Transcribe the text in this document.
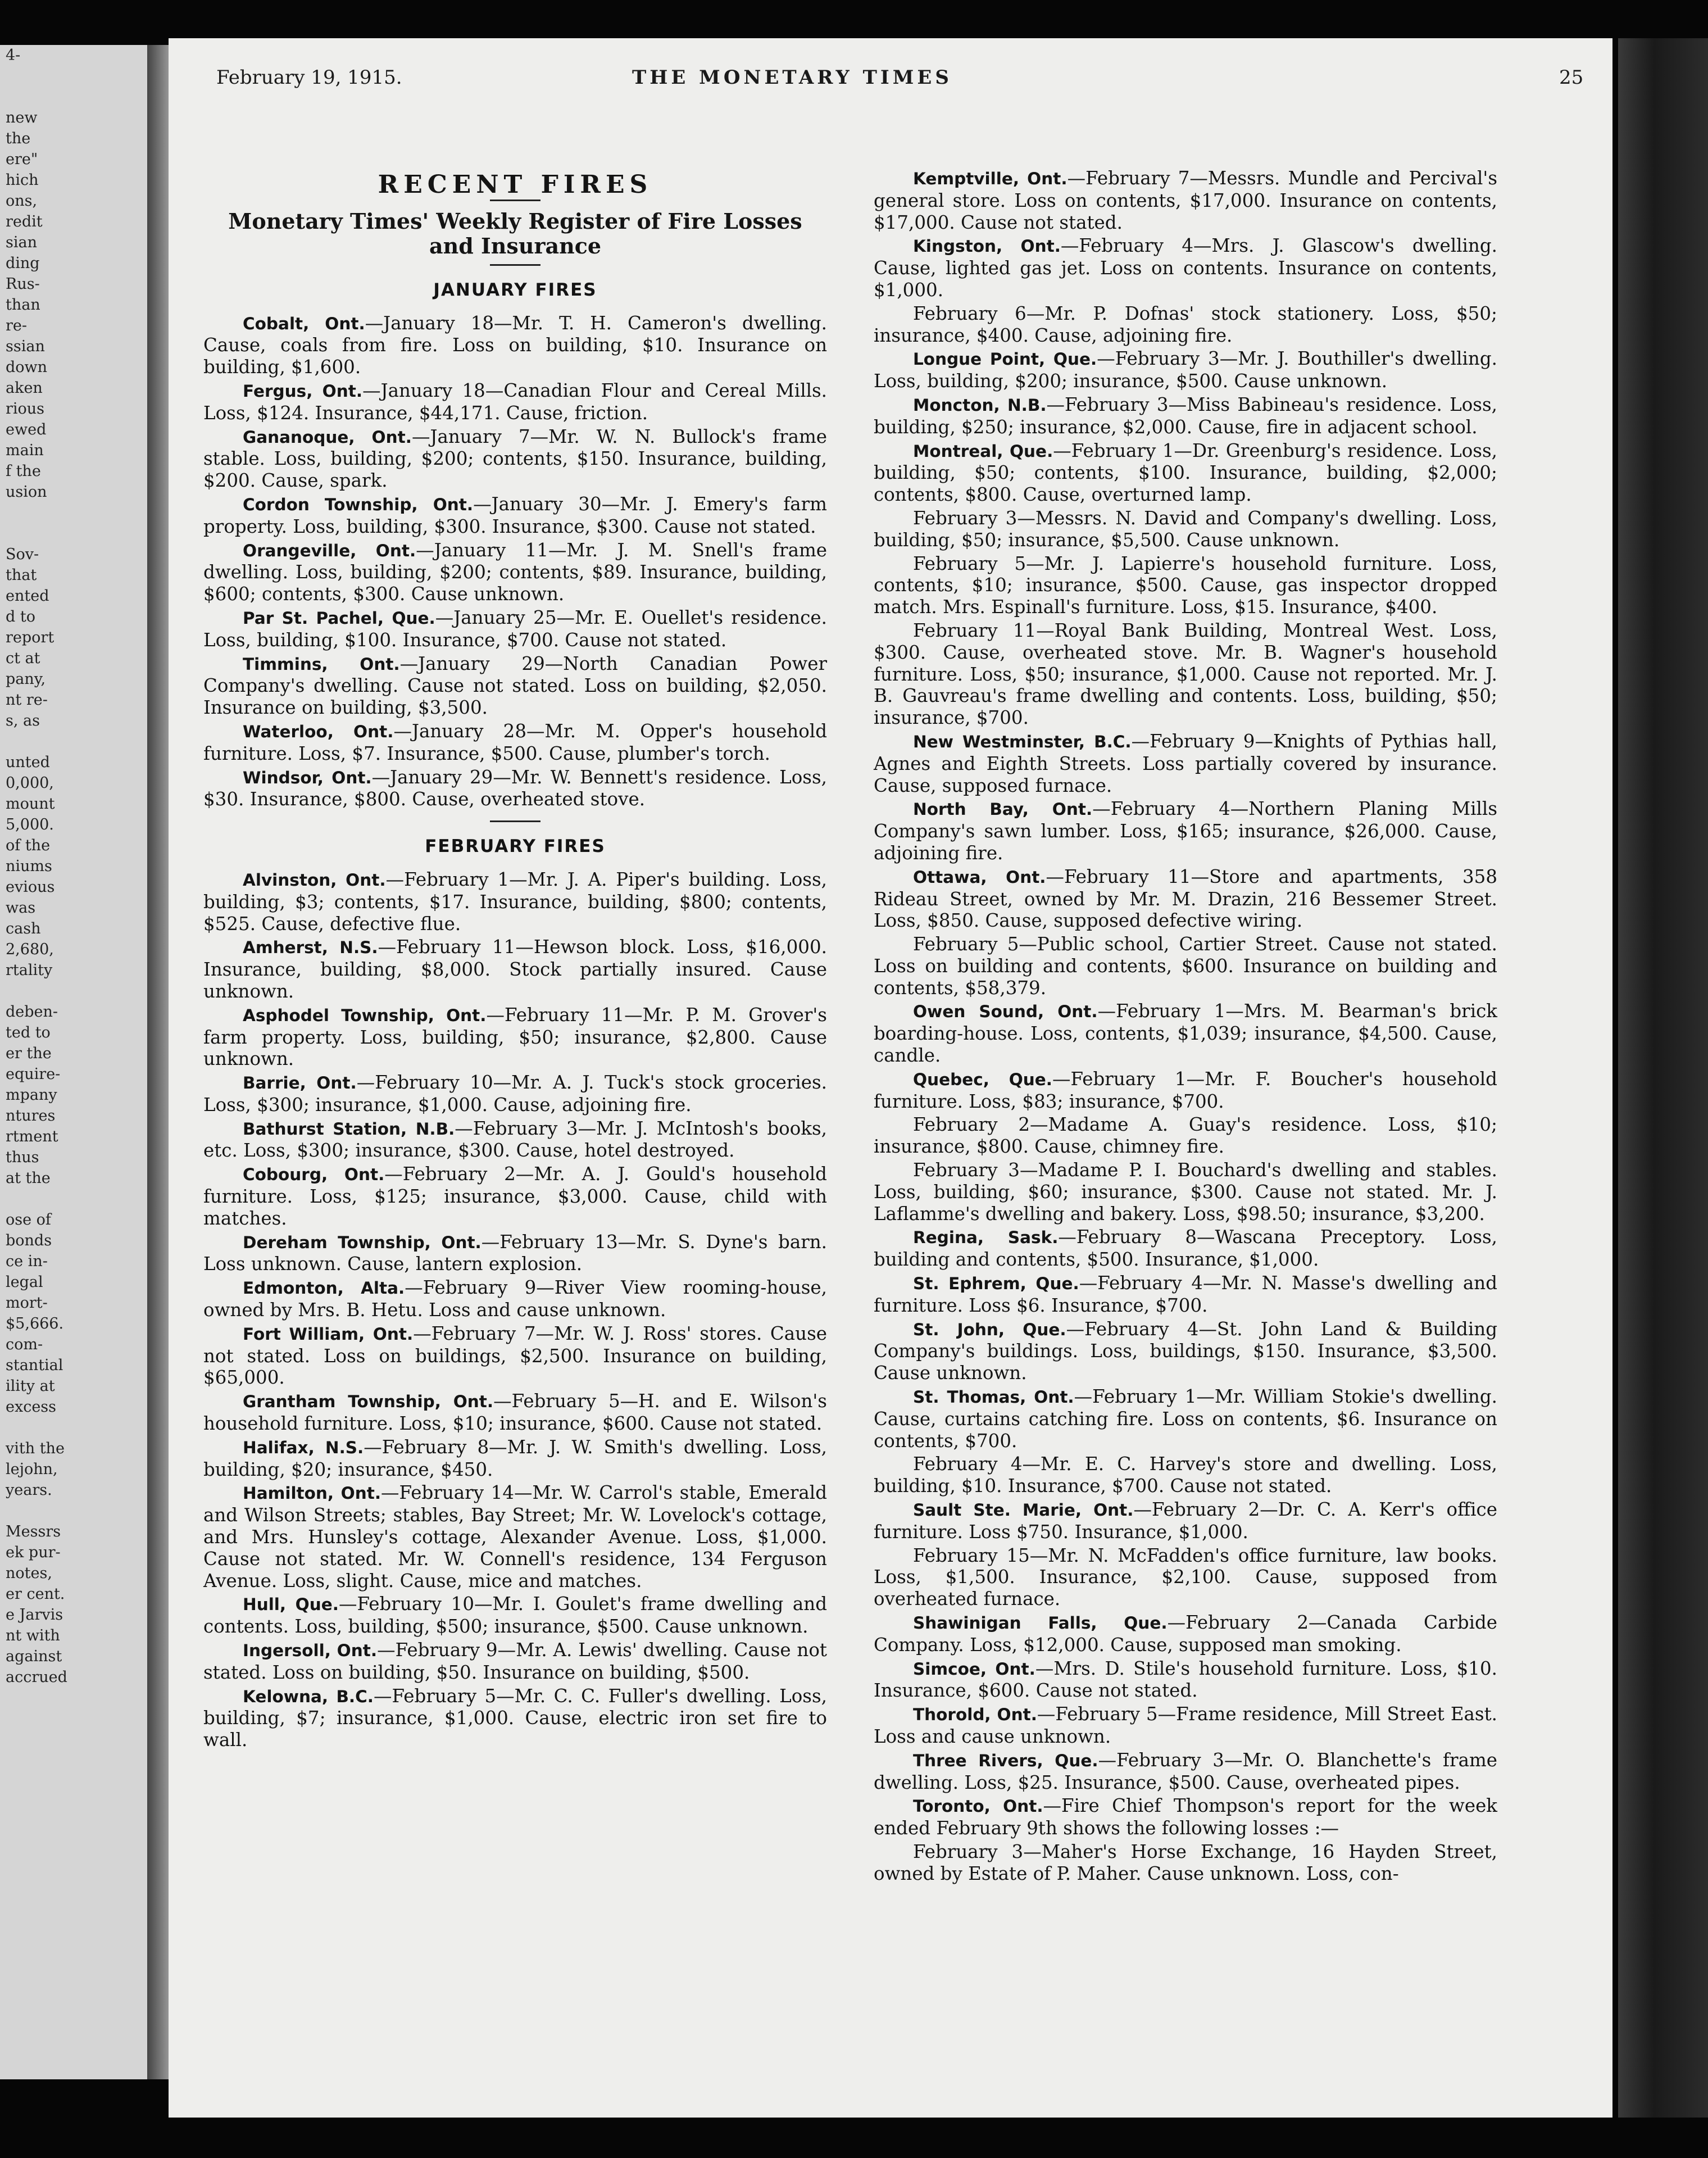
4-

new
the
ere"
hich
ons,
redit
sian
ding
Rus-
than
re-
ssian
down
aken
rious
ewed
main
f the
usion

Sov-
that
ented
d to
report
ct at
pany,
nt re-
s, as

unted
0,000,
mount
5,000.
of the
niums
evious
was
cash
2,680,
rtality

deben-
ted to
er the
equire-
mpany
ntures
rtment
thus
at the

ose of
bonds
ce in-
legal
mort-
$5,666.
com-
stantial
ility at
excess

vith the
lejohn,
years.

Messrs
ek pur-
notes,
er cent.
e Jarvis
nt with
against
accrued
February 19, 1915.	THE MONETARY TIMES	25
RECENT FIRES
Monetary Times' Weekly Register of Fire Losses and Insurance
JANUARY FIRES
Cobalt, Ont.—January 18—Mr. T. H. Cameron's dwelling. Cause, coals from fire. Loss on building, $10. Insurance on building, $1,600.
Fergus, Ont.—January 18—Canadian Flour and Cereal Mills. Loss, $124. Insurance, $44,171. Cause, friction.
Gananoque, Ont.—January 7—Mr. W. N. Bullock's frame stable. Loss, building, $200; contents, $150. Insurance, building, $200. Cause, spark.
Cordon Township, Ont.—January 30—Mr. J. Emery's farm property. Loss, building, $300. Insurance, $300. Cause not stated.
Orangeville, Ont.—January 11—Mr. J. M. Snell's frame dwelling. Loss, building, $200; contents, $89. Insurance, building, $600; contents, $300. Cause unknown.
Par St. Pachel, Que.—January 25—Mr. E. Ouellet's residence. Loss, building, $100. Insurance, $700. Cause not stated.
Timmins, Ont.—January 29—North Canadian Power Company's dwelling. Cause not stated. Loss on building, $2,050. Insurance on building, $3,500.
Waterloo, Ont.—January 28—Mr. M. Opper's household furniture. Loss, $7. Insurance, $500. Cause, plumber's torch.
Windsor, Ont.—January 29—Mr. W. Bennett's residence. Loss, $30. Insurance, $800. Cause, overheated stove.
FEBRUARY FIRES
Alvinston, Ont.—February 1—Mr. J. A. Piper's building. Loss, building, $3; contents, $17. Insurance, building, $800; contents, $525. Cause, defective flue.
Amherst, N.S.—February 11—Hewson block. Loss, $16,000. Insurance, building, $8,000. Stock partially insured. Cause unknown.
Asphodel Township, Ont.—February 11—Mr. P. M. Grover's farm property. Loss, building, $50; insurance, $2,800. Cause unknown.
Barrie, Ont.—February 10—Mr. A. J. Tuck's stock groceries. Loss, $300; insurance, $1,000. Cause, adjoining fire.
Bathurst Station, N.B.—February 3—Mr. J. McIntosh's books, etc. Loss, $300; insurance, $300. Cause, hotel destroyed.
Cobourg, Ont.—February 2—Mr. A. J. Gould's household furniture. Loss, $125; insurance, $3,000. Cause, child with matches.
Dereham Township, Ont.—February 13—Mr. S. Dyne's barn. Loss unknown. Cause, lantern explosion.
Edmonton, Alta.—February 9—River View rooming-house, owned by Mrs. B. Hetu. Loss and cause unknown.
Fort William, Ont.—February 7—Mr. W. J. Ross' stores. Cause not stated. Loss on buildings, $2,500. Insurance on building, $65,000.
Grantham Township, Ont.—February 5—H. and E. Wilson's household furniture. Loss, $10; insurance, $600. Cause not stated.
Halifax, N.S.—February 8—Mr. J. W. Smith's dwelling. Loss, building, $20; insurance, $450.
Hamilton, Ont.—February 14—Mr. W. Carrol's stable, Emerald and Wilson Streets; stables, Bay Street; Mr. W. Lovelock's cottage, and Mrs. Hunsley's cottage, Alexander Avenue. Loss, $1,000. Cause not stated. Mr. W. Connell's residence, 134 Ferguson Avenue. Loss, slight. Cause, mice and matches.
Hull, Que.—February 10—Mr. I. Goulet's frame dwelling and contents. Loss, building, $500; insurance, $500. Cause unknown.
Ingersoll, Ont.—February 9—Mr. A. Lewis' dwelling. Cause not stated. Loss on building, $50. Insurance on building, $500.
Kelowna, B.C.—February 5—Mr. C. C. Fuller's dwelling. Loss, building, $7; insurance, $1,000. Cause, electric iron set fire to wall.
Kemptville, Ont.—February 7—Messrs. Mundle and Percival's general store. Loss on contents, $17,000. Insurance on contents, $17,000. Cause not stated.
Kingston, Ont.—February 4—Mrs. J. Glascow's dwelling. Cause, lighted gas jet. Loss on contents. Insurance on contents, $1,000.
February 6—Mr. P. Dofnas' stock stationery. Loss, $50; insurance, $400. Cause, adjoining fire.
Longue Point, Que.—February 3—Mr. J. Bouthiller's dwelling. Loss, building, $200; insurance, $500. Cause unknown.
Moncton, N.B.—February 3—Miss Babineau's residence. Loss, building, $250; insurance, $2,000. Cause, fire in adjacent school.
Montreal, Que.—February 1—Dr. Greenburg's residence. Loss, building, $50; contents, $100. Insurance, building, $2,000; contents, $800. Cause, overturned lamp.
February 3—Messrs. N. David and Company's dwelling. Loss, building, $50; insurance, $5,500. Cause unknown.
February 5—Mr. J. Lapierre's household furniture. Loss, contents, $10; insurance, $500. Cause, gas inspector dropped match. Mrs. Espinall's furniture. Loss, $15. Insurance, $400.
February 11—Royal Bank Building, Montreal West. Loss, $300. Cause, overheated stove. Mr. B. Wagner's household furniture. Loss, $50; insurance, $1,000. Cause not reported. Mr. J. B. Gauvreau's frame dwelling and contents. Loss, building, $50; insurance, $700.
New Westminster, B.C.—February 9—Knights of Pythias hall, Agnes and Eighth Streets. Loss partially covered by insurance. Cause, supposed furnace.
North Bay, Ont.—February 4—Northern Planing Mills Company's sawn lumber. Loss, $165; insurance, $26,000. Cause, adjoining fire.
Ottawa, Ont.—February 11—Store and apartments, 358 Rideau Street, owned by Mr. M. Drazin, 216 Bessemer Street. Loss, $850. Cause, supposed defective wiring.
February 5—Public school, Cartier Street. Cause not stated. Loss on building and contents, $600. Insurance on building and contents, $58,379.
Owen Sound, Ont.—February 1—Mrs. M. Bearman's brick boarding-house. Loss, contents, $1,039; insurance, $4,500. Cause, candle.
Quebec, Que.—February 1—Mr. F. Boucher's household furniture. Loss, $83; insurance, $700.
February 2—Madame A. Guay's residence. Loss, $10; insurance, $800. Cause, chimney fire.
February 3—Madame P. I. Bouchard's dwelling and stables. Loss, building, $60; insurance, $300. Cause not stated. Mr. J. Laflamme's dwelling and bakery. Loss, $98.50; insurance, $3,200.
Regina, Sask.—February 8—Wascana Preceptory. Loss, building and contents, $500. Insurance, $1,000.
St. Ephrem, Que.—February 4—Mr. N. Masse's dwelling and furniture. Loss $6. Insurance, $700.
St. John, Que.—February 4—St. John Land & Building Company's buildings. Loss, buildings, $150. Insurance, $3,500. Cause unknown.
St. Thomas, Ont.—February 1—Mr. William Stokie's dwelling. Cause, curtains catching fire. Loss on contents, $6. Insurance on contents, $700.
February 4—Mr. E. C. Harvey's store and dwelling. Loss, building, $10. Insurance, $700. Cause not stated.
Sault Ste. Marie, Ont.—February 2—Dr. C. A. Kerr's office furniture. Loss $750. Insurance, $1,000.
February 15—Mr. N. McFadden's office furniture, law books. Loss, $1,500. Insurance, $2,100. Cause, supposed from overheated furnace.
Shawinigan Falls, Que.—February 2—Canada Carbide Company. Loss, $12,000. Cause, supposed man smoking.
Simcoe, Ont.—Mrs. D. Stile's household furniture. Loss, $10. Insurance, $600. Cause not stated.
Thorold, Ont.—February 5—Frame residence, Mill Street East. Loss and cause unknown.
Three Rivers, Que.—February 3—Mr. O. Blanchette's frame dwelling. Loss, $25. Insurance, $500. Cause, overheated pipes.
Toronto, Ont.—Fire Chief Thompson's report for the week ended February 9th shows the following losses :—
February 3—Maher's Horse Exchange, 16 Hayden Street, owned by Estate of P. Maher. Cause unknown. Loss, con-
